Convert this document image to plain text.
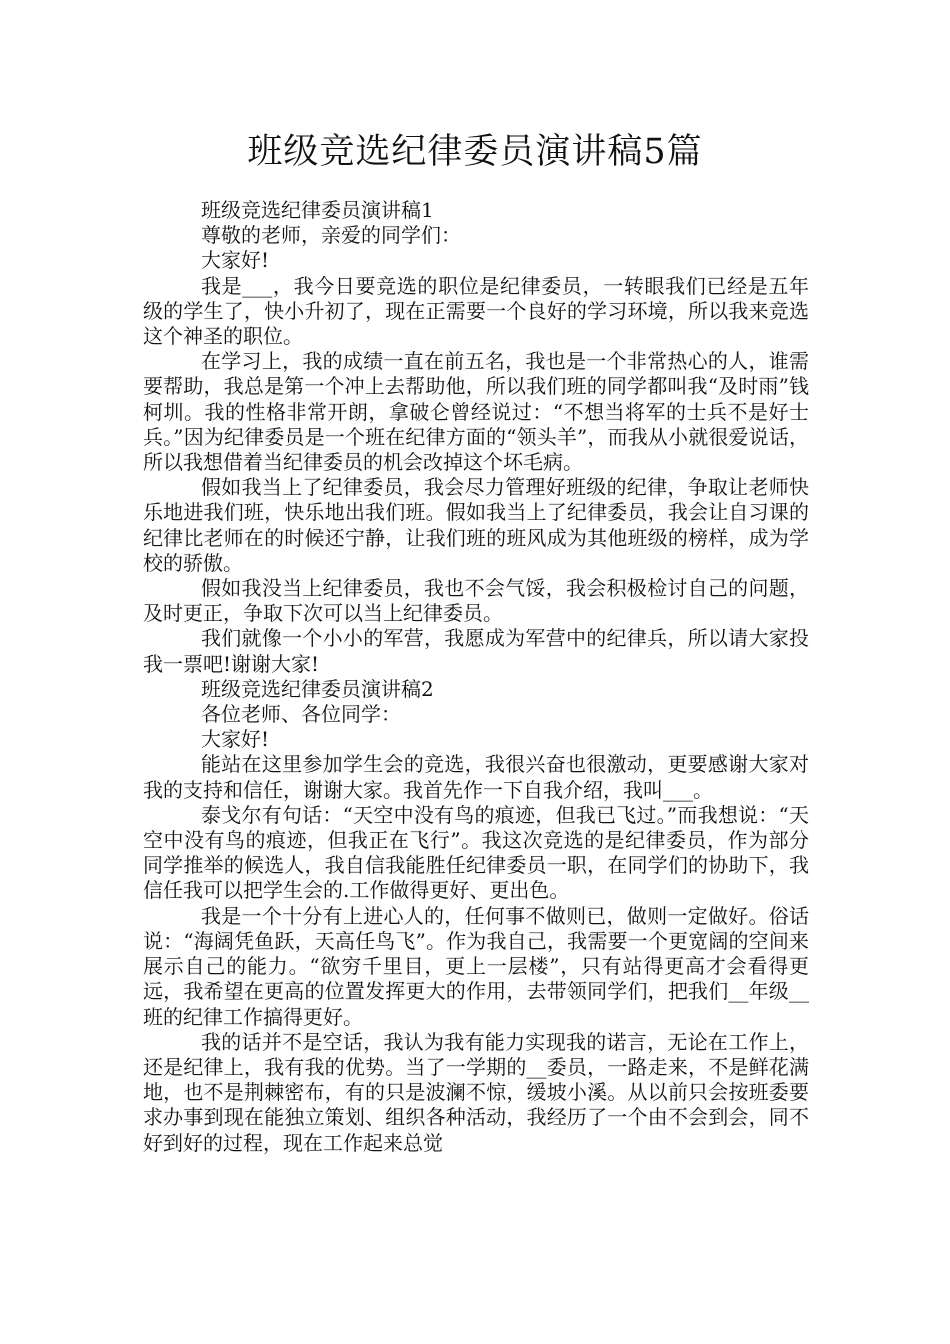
班级竞选纪律委员演讲稿5篇

班级竞选纪律委员演讲稿1

尊敬的老师，亲爱的同学们：

大家好!

我是___，我今日要竞选的职位是纪律委员，一转眼我们已经是五年级的学生了，快小升初了，现在正需要一个良好的学习环境，所以我来竞选这个神圣的职位。

在学习上，我的成绩一直在前五名，我也是一个非常热心的人，谁需要帮助，我总是第一个冲上去帮助他，所以我们班的同学都叫我“及时雨”钱柯圳。我的性格非常开朗，拿破仑曾经说过：“不想当将军的士兵不是好士兵。”因为纪律委员是一个班在纪律方面的“领头羊”，而我从小就很爱说话，所以我想借着当纪律委员的机会改掉这个坏毛病。

假如我当上了纪律委员，我会尽力管理好班级的纪律，争取让老师快乐地进我们班，快乐地出我们班。假如我当上了纪律委员，我会让自习课的纪律比老师在的时候还宁静，让我们班的班风成为其他班级的榜样，成为学校的骄傲。

假如我没当上纪律委员，我也不会气馁，我会积极检讨自己的问题，及时更正，争取下次可以当上纪律委员。

我们就像一个小小的军营，我愿成为军营中的纪律兵，所以请大家投我一票吧!谢谢大家!

班级竞选纪律委员演讲稿2

各位老师、各位同学：

大家好!

能站在这里参加学生会的竞选，我很兴奋也很激动，更要感谢大家对我的支持和信任，谢谢大家。我首先作一下自我介绍，我叫___。

泰戈尔有句话：“天空中没有鸟的痕迹，但我已飞过。”而我想说：“天空中没有鸟的痕迹，但我正在飞行”。我这次竞选的是纪律委员，作为部分同学推举的候选人，我自信我能胜任纪律委员一职，在同学们的协助下，我信任我可以把学生会的.工作做得更好、更出色。

我是一个十分有上进心人的，任何事不做则已，做则一定做好。俗话说：“海阔凭鱼跃，天高任鸟飞”。作为我自己，我需要一个更宽阔的空间来展示自己的能力。“欲穷千里目，更上一层楼”，只有站得更高才会看得更远，我希望在更高的位置发挥更大的作用，去带领同学们，把我们__年级__班的纪律工作搞得更好。

我的话并不是空话，我认为我有能力实现我的诺言，无论在工作上，还是纪律上，我有我的优势。当了一学期的__委员，一路走来，不是鲜花满地，也不是荆棘密布，有的只是波澜不惊，缓坡小溪。从以前只会按班委要求办事到现在能独立策划、组织各种活动，我经历了一个由不会到会，同不好到好的过程，现在工作起来总觉
